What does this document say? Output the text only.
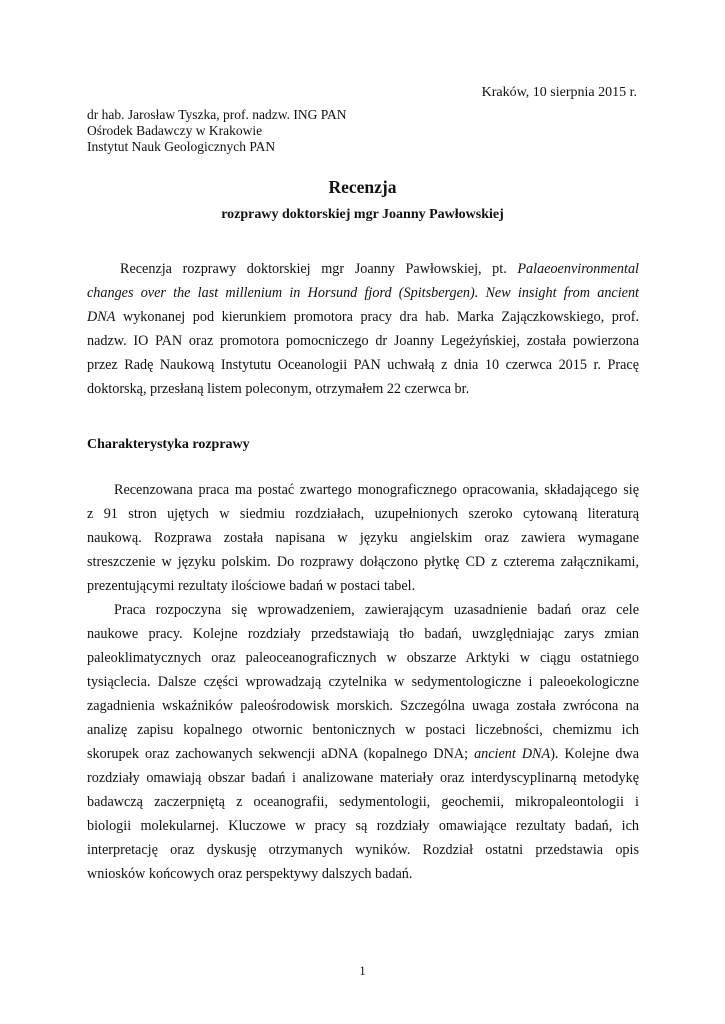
Kraków, 10 sierpnia 2015 r.
dr hab. Jarosław Tyszka, prof. nadzw. ING PAN
Ośrodek Badawczy w Krakowie
Instytut Nauk Geologicznych PAN
Recenzja
rozprawy doktorskiej mgr Joanny Pawłowskiej
Recenzja rozprawy doktorskiej mgr Joanny Pawłowskiej, pt. Palaeoenvironmental
changes over the last millenium in Horsund fjord (Spitsbergen). New insight from ancient
DNA wykonanej pod kierunkiem promotora pracy dra hab. Marka Zajączkowskiego, prof.
nadzw. IO PAN oraz promotora pomocniczego dr Joanny Legeżyńskiej, została powierzona
przez Radę Naukową Instytutu Oceanologii PAN uchwałą z dnia 10 czerwca 2015 r. Pracę
doktorską, przesłaną listem poleconym, otrzymałem 22 czerwca br.
Charakterystyka rozprawy
Recenzowana praca ma postać zwartego monograficznego opracowania, składającego się
z 91 stron ujętych w siedmiu rozdziałach, uzupełnionych szeroko cytowaną literaturą
naukową. Rozprawa została napisana w języku angielskim oraz zawiera wymagane
streszczenie w języku polskim. Do rozprawy dołączono płytkę CD z czterema załącznikami,
prezentującymi rezultaty ilościowe badań w postaci tabel.
Praca rozpoczyna się wprowadzeniem, zawierającym uzasadnienie badań oraz cele
naukowe pracy. Kolejne rozdziały przedstawiają tło badań, uwzględniając zarys zmian
paleoklimatycznych oraz paleoceanograficznych w obszarze Arktyki w ciągu ostatniego
tysiąclecia. Dalsze części wprowadzają czytelnika w sedymentologiczne i paleoekologiczne
zagadnienia wskaźników paleośrodowisk morskich. Szczególna uwaga została zwrócona na
analizę zapisu kopalnego otwornic bentonicznych w postaci liczebności, chemizmu ich
skorupek oraz zachowanych sekwencji aDNA (kopalnego DNA; ancient DNA). Kolejne dwa
rozdziały omawiają obszar badań i analizowane materiały oraz interdyscyplinarną metodykę
badawczą zaczerpniętą z oceanografii, sedymentologii, geochemii, mikropaleontologii i
biologii molekularnej. Kluczowe w pracy są rozdziały omawiające rezultaty badań, ich
interpretację oraz dyskusję otrzymanych wyników. Rozdział ostatni przedstawia opis
wniosków końcowych oraz perspektywy dalszych badań.
1
